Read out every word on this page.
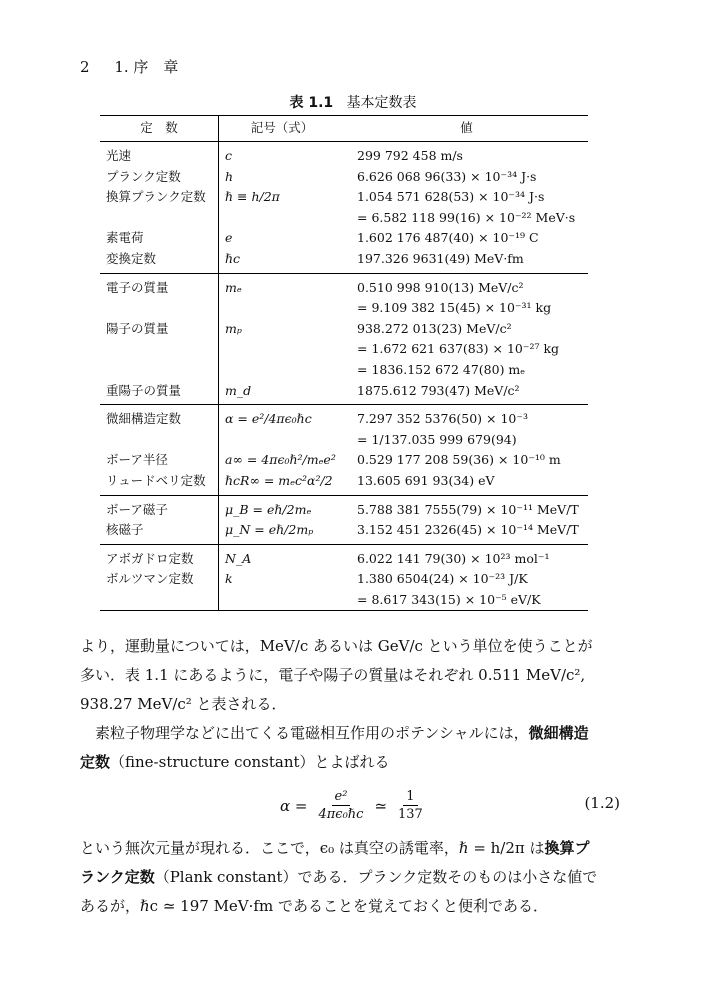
2 1. 序　章
表 1.1 基本定数表
定　数	記号（式）	値
光速	c	299 792 458 m/s
プランク定数	h	6.626 068 96(33) × 10⁻³⁴ J·s
換算プランク定数	ℏ ≡ h/2π	1.054 571 628(53) × 10⁻³⁴ J·s
		= 6.582 118 99(16) × 10⁻²² MeV·s
素電荷	e	1.602 176 487(40) × 10⁻¹⁹ C
変換定数	ℏc	197.326 9631(49) MeV·fm
電子の質量	mₑ	0.510 998 910(13) MeV/c²
		= 9.109 382 15(45) × 10⁻³¹ kg
陽子の質量	mₚ	938.272 013(23) MeV/c²
		= 1.672 621 637(83) × 10⁻²⁷ kg
		= 1836.152 672 47(80) mₑ
重陽子の質量	m_d	1875.612 793(47) MeV/c²
微細構造定数	α = e²/4πϵ₀ℏc	7.297 352 5376(50) × 10⁻³
		= 1/137.035 999 679(94)
ボーア半径	a∞ = 4πϵ₀ℏ²/mₑe²	0.529 177 208 59(36) × 10⁻¹⁰ m
リュードベリ定数	ℏcR∞ = mₑc²α²/2	13.605 691 93(34) eV
ボーア磁子	μ_B = eℏ/2mₑ	5.788 381 7555(79) × 10⁻¹¹ MeV/T
核磁子	μ_N = eℏ/2mₚ	3.152 451 2326(45) × 10⁻¹⁴ MeV/T
アボガドロ定数	N_A	6.022 141 79(30) × 10²³ mol⁻¹
ボルツマン定数	k	1.380 6504(24) × 10⁻²³ J/K
		= 8.617 343(15) × 10⁻⁵ eV/K

より，運動量については，MeV/c あるいは GeV/c という単位を使うことが

多い．表 1.1 にあるように，電子や陽子の質量はそれぞれ 0.511 MeV/c²,

938.27 MeV/c² と表される．

　素粒子物理学などに出てくる電磁相互作用のポテンシャルには，微細構造

定数（fine-structure constant）とよばれる

$\alpha = \frac{\text{e²}}{\text{4πϵ₀ℏc}}$ ≃ $\frac{1}{137}$	(1.2)

という無次元量が現れる．ここで，ϵ₀ は真空の誘電率，ℏ = h/2π は換算プ

ランク定数（Plank constant）である．プランク定数そのものは小さな値で

あるが，ℏc ≃ 197 MeV·fm であることを覚えておくと便利である．
